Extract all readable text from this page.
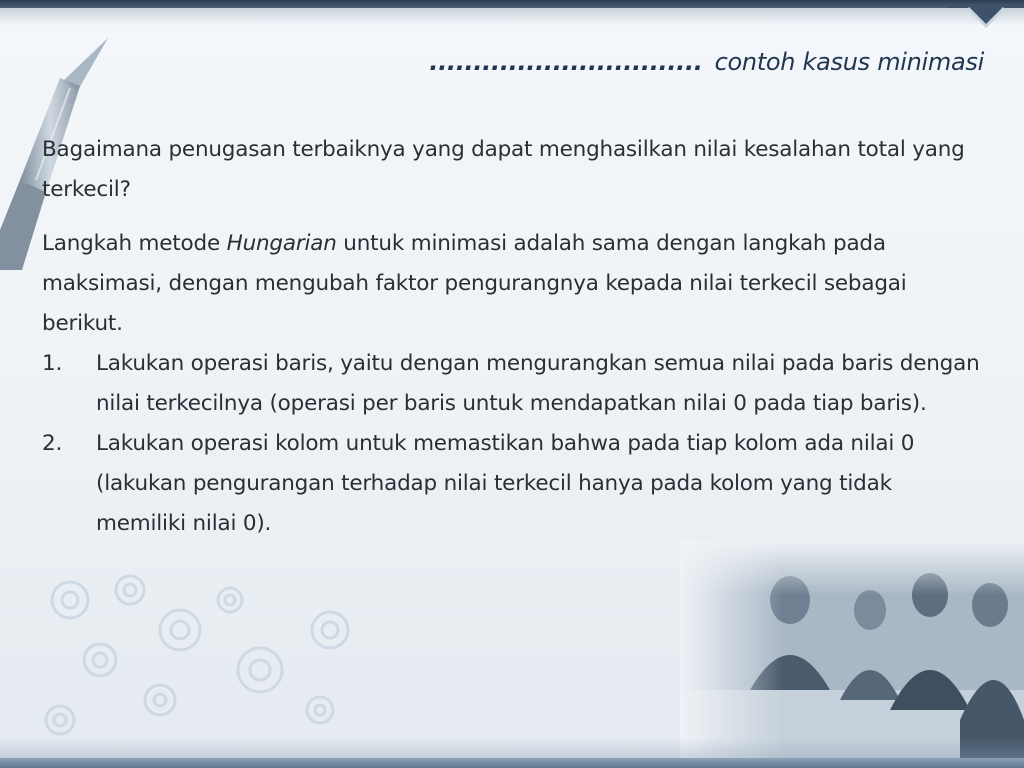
............................... contoh kasus minimasi

Bagaimana penugasan terbaiknya yang dapat menghasilkan nilai kesalahan total yang terkecil?

Langkah metode Hungarian untuk minimasi adalah sama dengan langkah pada maksimasi, dengan mengubah faktor pengurangnya kepada nilai terkecil sebagai berikut.

1.	Lakukan operasi baris, yaitu dengan mengurangkan semua nilai pada baris dengan nilai terkecilnya (operasi per baris untuk mendapatkan nilai 0 pada tiap baris).
2.	Lakukan operasi kolom untuk memastikan bahwa pada tiap kolom ada nilai 0 (lakukan pengurangan terhadap nilai terkecil hanya pada kolom yang tidak memiliki nilai 0).
